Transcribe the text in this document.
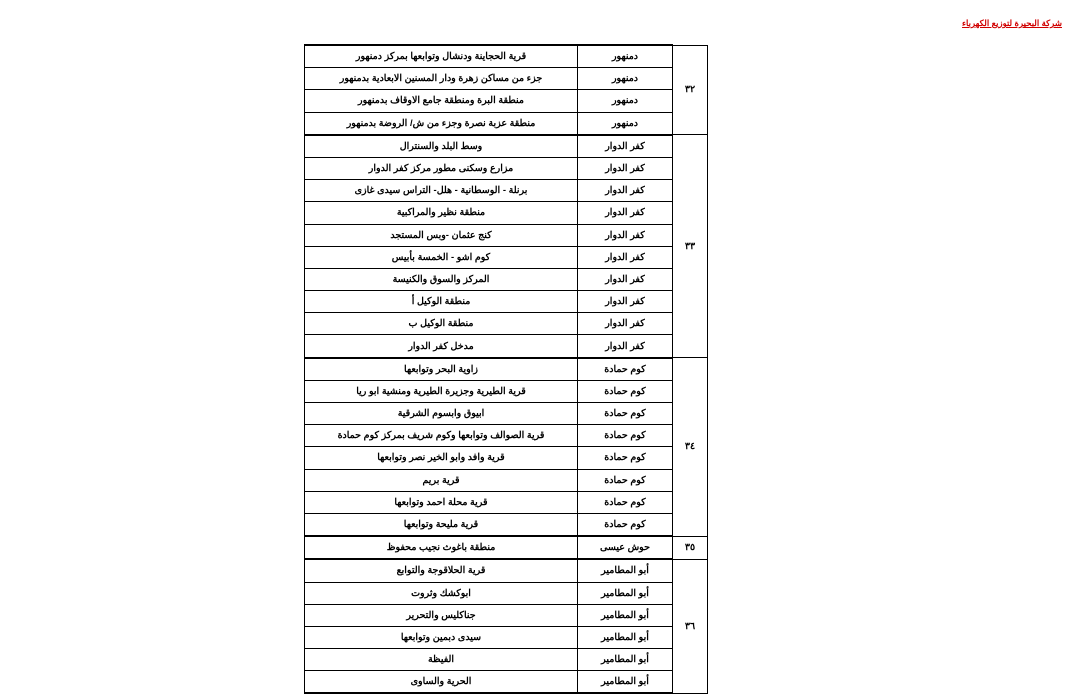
شركة البحيرة لتوزيع الكهرباء
٣٢	دمنهور	قرية الحجاينة ودنشال وتوابعها بمركز دمنهور
	دمنهور	جزء من مساكن زهرة ودار المسنين الابعادية بدمنهور
	دمنهور	منطقة البرة ومنطقة جامع الاوقاف بدمنهور
	دمنهور	منطقة عزبة نصرة وجزء من ش/ الروضة بدمنهور
٣٣	كفر الدوار	وسط البلد والسنترال
	كفر الدوار	مزارع وسكنى مطور مركز كفر الدوار
	كفر الدوار	برنلة - الوسطانية - هلل- التراس سيدى غازى
	كفر الدوار	منطقة نظير والمراكبية
	كفر الدوار	كنج عثمان -وبس المستجد
	كفر الدوار	كوم اشو - الخمسة بأبيس
	كفر الدوار	المركز والسوق والكنيسة
	كفر الدوار	منطقة الوكيل أ
	كفر الدوار	منطقة الوكيل ب
	كفر الدوار	مدخل كفر الدوار
٣٤	كوم حمادة	زاوية البحر وتوابعها
	كوم حمادة	قرية الطيرية وجزيرة الطيرية ومنشية ابو ريا
	كوم حمادة	ابيوق وابسوم الشرقية
	كوم حمادة	قرية الصوالف وتوابعها وكوم شريف بمركز كوم حمادة
	كوم حمادة	قرية وافد وابو الخير نصر وتوابعها
	كوم حمادة	قرية بريم
	كوم حمادة	قرية محلة احمد وتوابعها
	كوم حمادة	قرية مليحة وتوابعها
٣٥	حوش عيسى	منطقة باغوث نجيب محفوظ
٣٦	أبو المطامير	قرية الحلاقوجة والتوابع
	أبو المطامير	ابوكشك وثروت
	أبو المطامير	جناكليس والتحرير
	أبو المطامير	سيدى دبمين وتوابعها
	أبو المطامير	الفيظة
	أبو المطامير	الحرية والساوى
